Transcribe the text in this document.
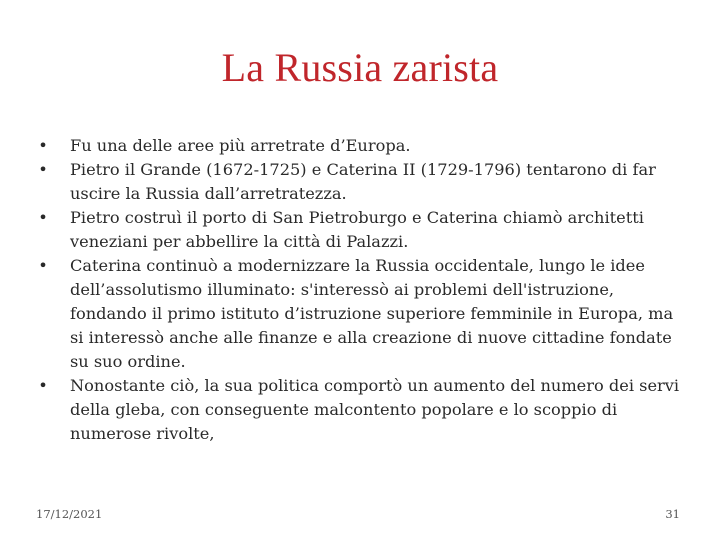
La Russia zarista
• Fu una delle aree più arretrate d’Europa.
• Pietro il Grande (1672-1725) e Caterina II (1729-1796) tentarono di far uscire la Russia dall’arretratezza.
• Pietro costruì il porto di San Pietroburgo e Caterina chiamò architetti veneziani per abbellire la città di Palazzi.
• Caterina continuò a modernizzare la Russia occidentale, lungo le idee dell’assolutismo illuminato: s'interessò ai problemi dell'istruzione, fondando il primo istituto d’istruzione superiore femminile in Europa, ma si interessò anche alle finanze e alla creazione di nuove cittadine fondate su suo ordine.
• Nonostante ciò, la sua politica comportò un aumento del numero dei servi della gleba, con conseguente malcontento popolare e lo scoppio di numerose rivolte,
17/12/2021	31
